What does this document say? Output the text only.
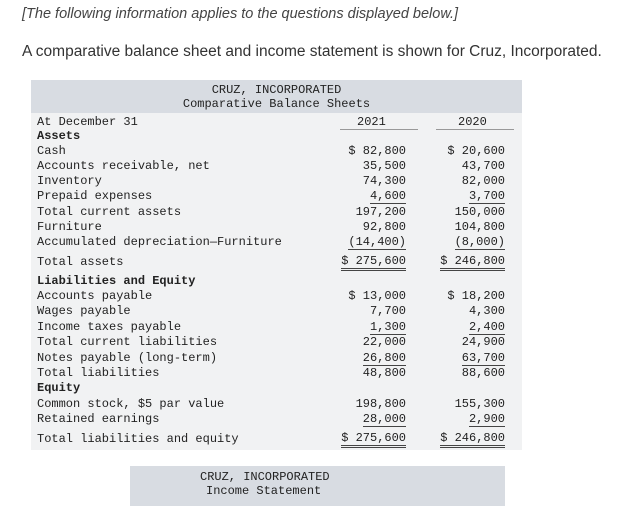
[The following information applies to the questions displayed below.]
A comparative balance sheet and income statement is shown for Cruz, Incorporated.
CRUZ, INCORPORATED
Comparative Balance Sheets
At December 31	2021	2020
Assets
Cash	$ 82,800	$ 20,600
Accounts receivable, net	35,500	43,700
Inventory	74,300	82,000
Prepaid expenses	4,600	3,700
Total current assets	197,200	150,000
Furniture	92,800	104,800
Accumulated depreciation—Furniture	(14,400)	(8,000)
Total assets	$ 275,600	$ 246,800
Liabilities and Equity
Accounts payable	$ 13,000	$ 18,200
Wages payable	7,700	4,300
Income taxes payable	1,300	2,400
Total current liabilities	22,000	24,900
Notes payable (long-term)	26,800	63,700
Total liabilities	48,800	88,600
Equity
Common stock, $5 par value	198,800	155,300
Retained earnings	28,000	2,900
Total liabilities and equity	$ 275,600	$ 246,800
CRUZ, INCORPORATED
Income Statement
